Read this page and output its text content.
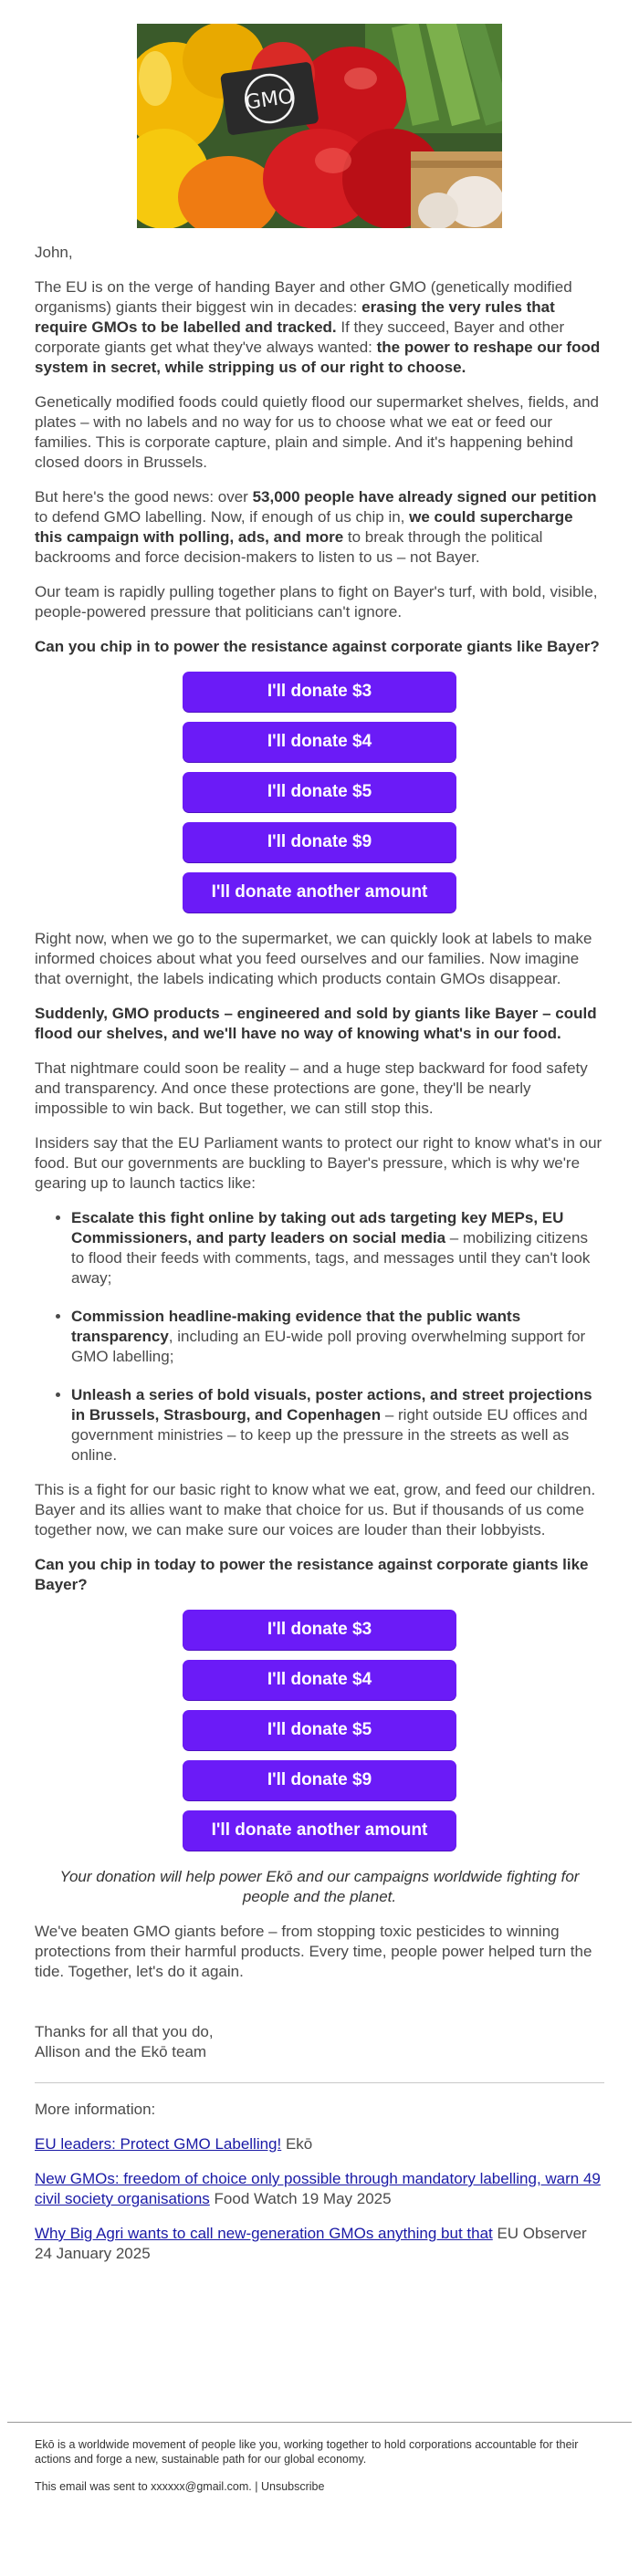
GMO

John,

The EU is on the verge of handing Bayer and other GMO (genetically modified organisms) giants their biggest win in decades: erasing the very rules that require GMOs to be labelled and tracked. If they succeed, Bayer and other corporate giants get what they've always wanted: the power to reshape our food system in secret, while stripping us of our right to choose.

Genetically modified foods could quietly flood our supermarket shelves, fields, and plates – with no labels and no way for us to choose what we eat or feed our families. This is corporate capture, plain and simple. And it's happening behind closed doors in Brussels.

But here's the good news: over 53,000 people have already signed our petition to defend GMO labelling. Now, if enough of us chip in, we could supercharge this campaign with polling, ads, and more to break through the political backrooms and force decision-makers to listen to us – not Bayer.

Our team is rapidly pulling together plans to fight on Bayer's turf, with bold, visible, people-powered pressure that politicians can't ignore.

Can you chip in to power the resistance against corporate giants like Bayer?

I'll donate $3
I'll donate $4
I'll donate $5
I'll donate $9
I'll donate another amount

Right now, when we go to the supermarket, we can quickly look at labels to make informed choices about what you feed ourselves and our families. Now imagine that overnight, the labels indicating which products contain GMOs disappear.

Suddenly, GMO products – engineered and sold by giants like Bayer – could flood our shelves, and we'll have no way of knowing what's in our food.

That nightmare could soon be reality – and a huge step backward for food safety and transparency. And once these protections are gone, they'll be nearly impossible to win back. But together, we can still stop this.

Insiders say that the EU Parliament wants to protect our right to know what's in our food. But our governments are buckling to Bayer's pressure, which is why we're gearing up to launch tactics like:

• Escalate this fight online by taking out ads targeting key MEPs, EU Commissioners, and party leaders on social media – mobilizing citizens to flood their feeds with comments, tags, and messages until they can't look away;
• Commission headline-making evidence that the public wants transparency, including an EU-wide poll proving overwhelming support for GMO labelling;
• Unleash a series of bold visuals, poster actions, and street projections in Brussels, Strasbourg, and Copenhagen – right outside EU offices and government ministries – to keep up the pressure in the streets as well as online.

This is a fight for our basic right to know what we eat, grow, and feed our children. Bayer and its allies want to make that choice for us. But if thousands of us come together now, we can make sure our voices are louder than their lobbyists.

Can you chip in today to power the resistance against corporate giants like Bayer?

I'll donate $3
I'll donate $4
I'll donate $5
I'll donate $9
I'll donate another amount

Your donation will help power Ekō and our campaigns worldwide fighting for people and the planet.

We've beaten GMO giants before – from stopping toxic pesticides to winning protections from their harmful products. Every time, people power helped turn the tide. Together, let's do it again.

Thanks for all that you do,
Allison and the Ekō team

More information:

EU leaders: Protect GMO Labelling! Ekō

New GMOs: freedom of choice only possible through mandatory labelling, warn 49 civil society organisations Food Watch 19 May 2025

Why Big Agri wants to call new-generation GMOs anything but that EU Observer 24 January 2025

Ekō is a worldwide movement of people like you, working together to hold corporations accountable for their actions and forge a new, sustainable path for our global economy.

This email was sent to xxxxxx@gmail.com. | Unsubscribe
